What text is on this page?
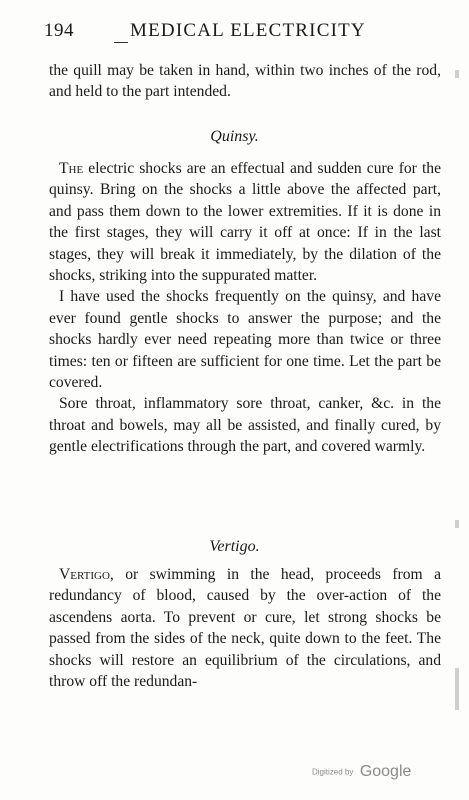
194	MEDICAL ELECTRICITY

the quill may be taken in hand, within two inches of the rod, and held to the part intended.

Quinsy.

The electric shocks are an effectual and sudden cure for the quinsy. Bring on the shocks a little above the affected part, and pass them down to the lower extremities. If it is done in the first stages, they will carry it off at once: If in the last stages, they will break it immediately, by the dilation of the shocks, striking into the suppurated matter.

I have used the shocks frequently on the quinsy, and have ever found gentle shocks to answer the purpose; and the shocks hardly ever need repeating more than twice or three times: ten or fifteen are sufficient for one time. Let the part be covered.

Sore throat, inflammatory sore throat, canker, &c. in the throat and bowels, may all be assisted, and finally cured, by gentle electrifications through the part, and covered warmly.

Vertigo.

Vertigo, or swimming in the head, proceeds from a redundancy of blood, caused by the over-action of the ascendens aorta. To prevent or cure, let strong shocks be passed from the sides of the neck, quite down to the feet. The shocks will restore an equilibrium of the circulations, and throw off the redundan-

Digitized by Google
